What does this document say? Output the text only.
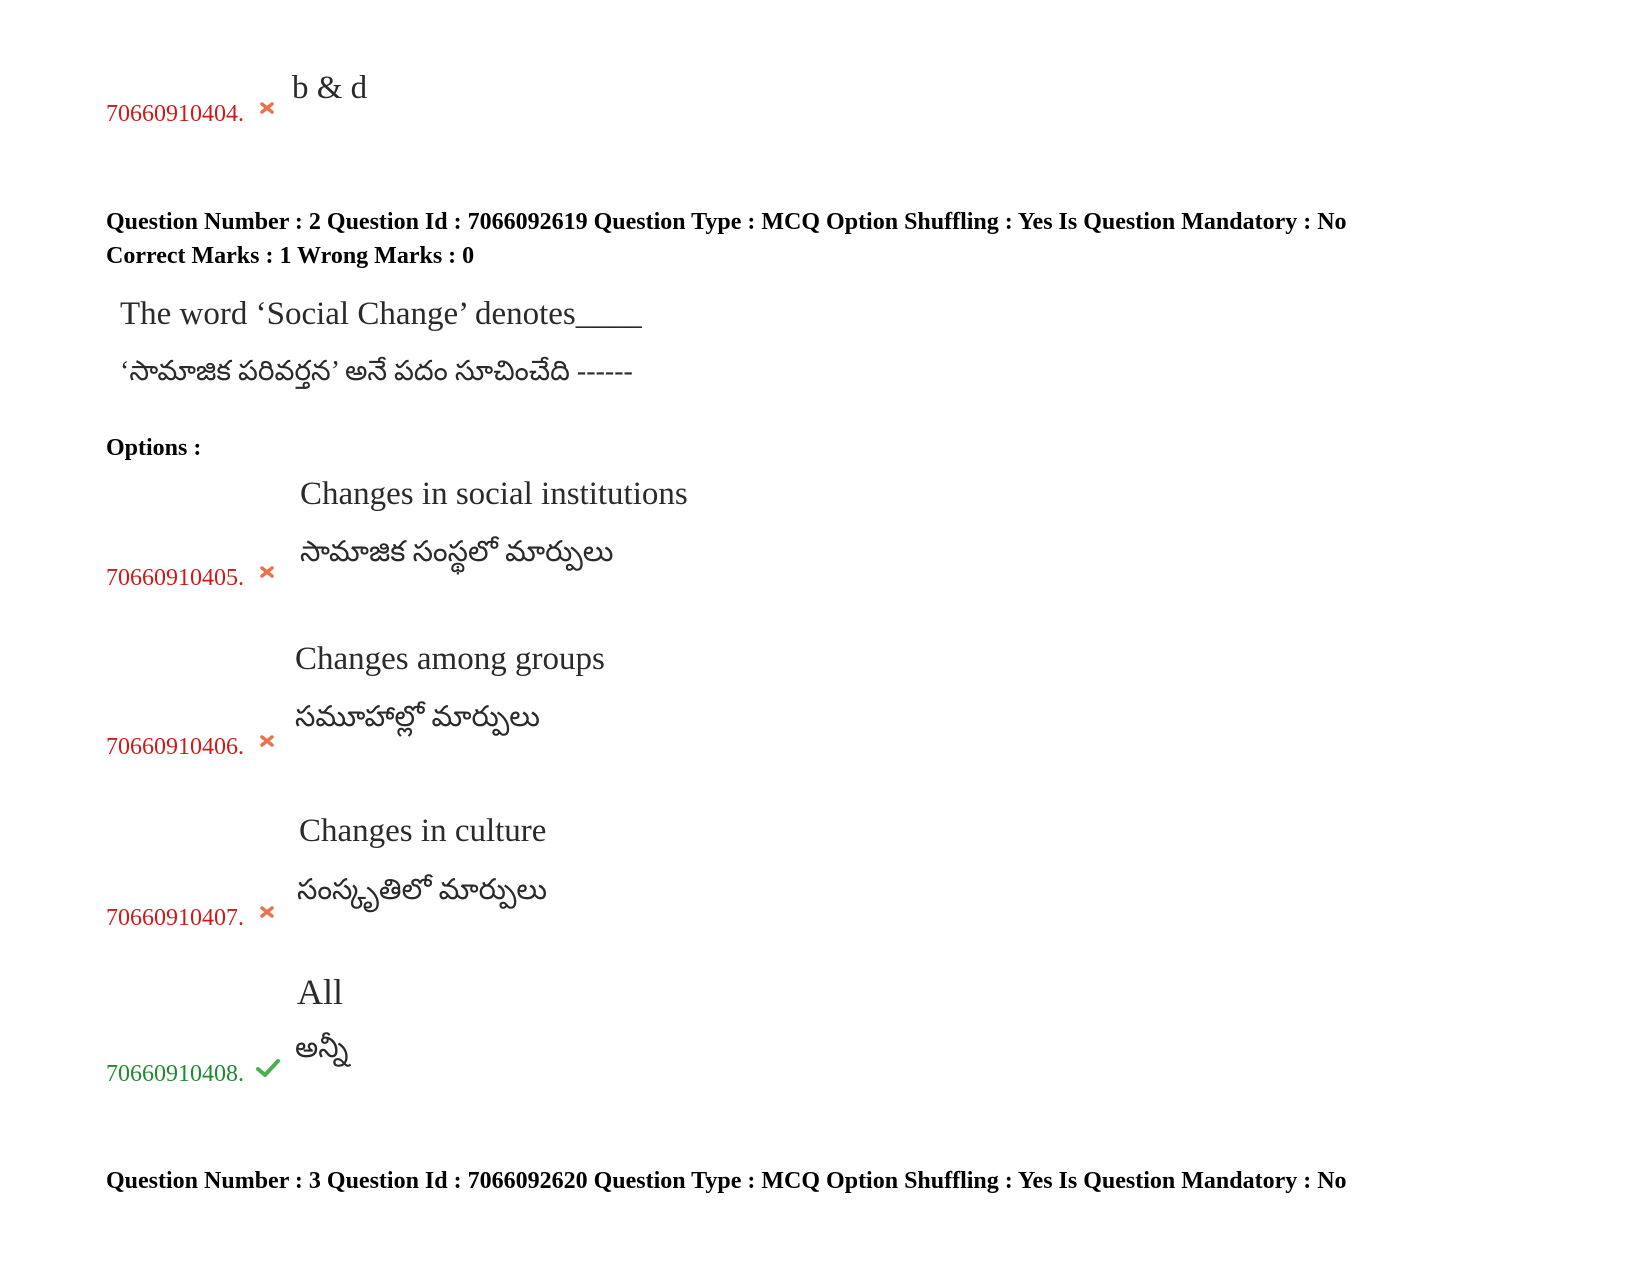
70660910404.
b & d
Question Number : 2 Question Id : 7066092619 Question Type : MCQ Option Shuffling : Yes Is Question Mandatory : No
Correct Marks : 1 Wrong Marks : 0
The word ‘Social Change’ denotes____
‘సామాజిక పరివర్తన’ అనే పదం సూచించేది ------
Options :
Changes in social institutions
సామాజిక సంస్థలో మార్పులు
70660910405.
Changes among groups
సమూహాల్లో మార్పులు
70660910406.
Changes in culture
సంస్కృతిలో మార్పులు
70660910407.
All
అన్నీ
70660910408.
Question Number : 3 Question Id : 7066092620 Question Type : MCQ Option Shuffling : Yes Is Question Mandatory : No
